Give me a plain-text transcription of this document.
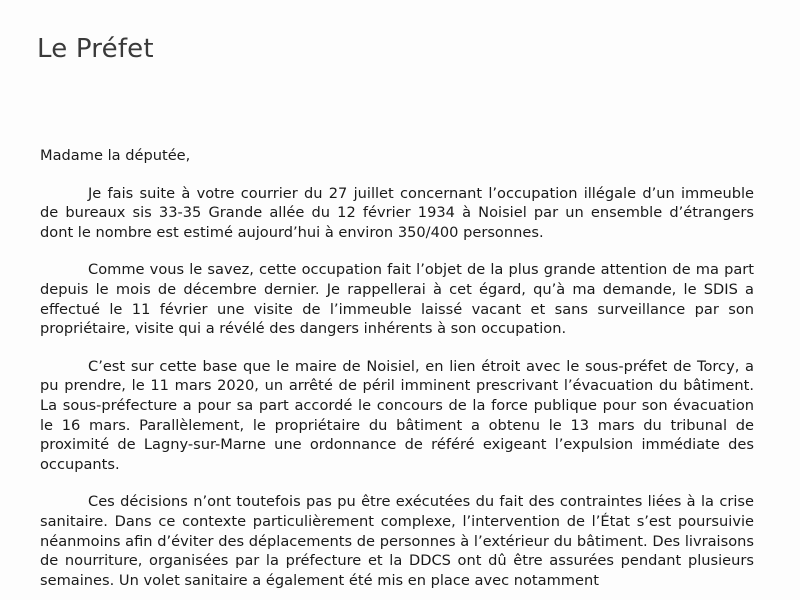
Le Préfet

Madame la députée,

Je fais suite à votre courrier du 27 juillet concernant l’occupation illégale d’un immeuble de bureaux sis 33-35 Grande allée du 12 février 1934 à Noisiel par un ensemble d’étrangers dont le nombre est estimé aujourd’hui à environ 350/400 personnes.

Comme vous le savez, cette occupation fait l’objet de la plus grande attention de ma part depuis le mois de décembre dernier. Je rappellerai à cet égard, qu’à ma demande, le SDIS a effectué le 11 février une visite de l’immeuble laissé vacant et sans surveillance par son propriétaire, visite qui a révélé des dangers inhérents à son occupation.

C’est sur cette base que le maire de Noisiel, en lien étroit avec le sous-préfet de Torcy, a pu prendre, le 11 mars 2020, un arrêté de péril imminent prescrivant l’évacuation du bâtiment. La sous-préfecture a pour sa part accordé le concours de la force publique pour son évacuation le 16 mars. Parallèlement, le propriétaire du bâtiment a obtenu le 13 mars du tribunal de proximité de Lagny-sur-Marne une ordonnance de référé exigeant l’expulsion immédiate des occupants.

Ces décisions n’ont toutefois pas pu être exécutées du fait des contraintes liées à la crise sanitaire. Dans ce contexte particulièrement complexe, l’intervention de l’État s’est poursuivie néanmoins afin d’éviter des déplacements de personnes à l’extérieur du bâtiment. Des livraisons de nourriture, organisées par la préfecture et la DDCS ont dû être assurées pendant plusieurs semaines. Un volet sanitaire a également été mis en place avec notamment
